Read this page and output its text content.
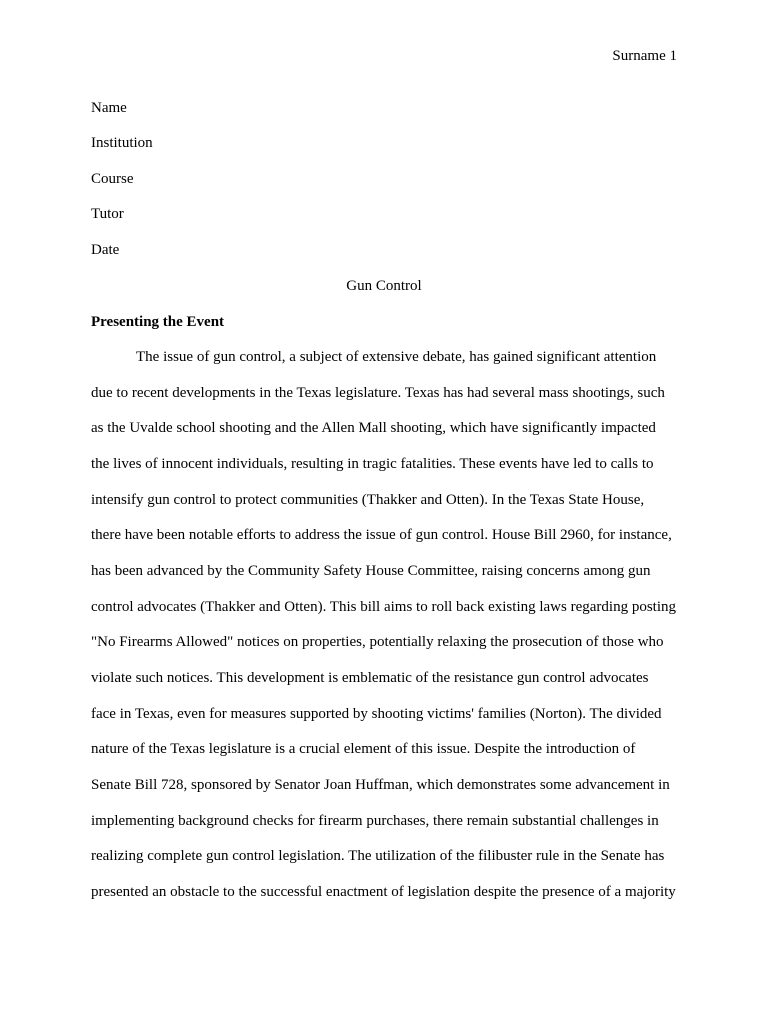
Surname 1
Name
Institution
Course
Tutor
Date
Gun Control
Presenting the Event
The issue of gun control, a subject of extensive debate, has gained significant attention
due to recent developments in the Texas legislature. Texas has had several mass shootings, such
as the Uvalde school shooting and the Allen Mall shooting, which have significantly impacted
the lives of innocent individuals, resulting in tragic fatalities. These events have led to calls to
intensify gun control to protect communities (Thakker and Otten). In the Texas State House,
there have been notable efforts to address the issue of gun control. House Bill 2960, for instance,
has been advanced by the Community Safety House Committee, raising concerns among gun
control advocates (Thakker and Otten). This bill aims to roll back existing laws regarding posting
"No Firearms Allowed" notices on properties, potentially relaxing the prosecution of those who
violate such notices. This development is emblematic of the resistance gun control advocates
face in Texas, even for measures supported by shooting victims' families (Norton). The divided
nature of the Texas legislature is a crucial element of this issue. Despite the introduction of
Senate Bill 728, sponsored by Senator Joan Huffman, which demonstrates some advancement in
implementing background checks for firearm purchases, there remain substantial challenges in
realizing complete gun control legislation. The utilization of the filibuster rule in the Senate has
presented an obstacle to the successful enactment of legislation despite the presence of a majority
